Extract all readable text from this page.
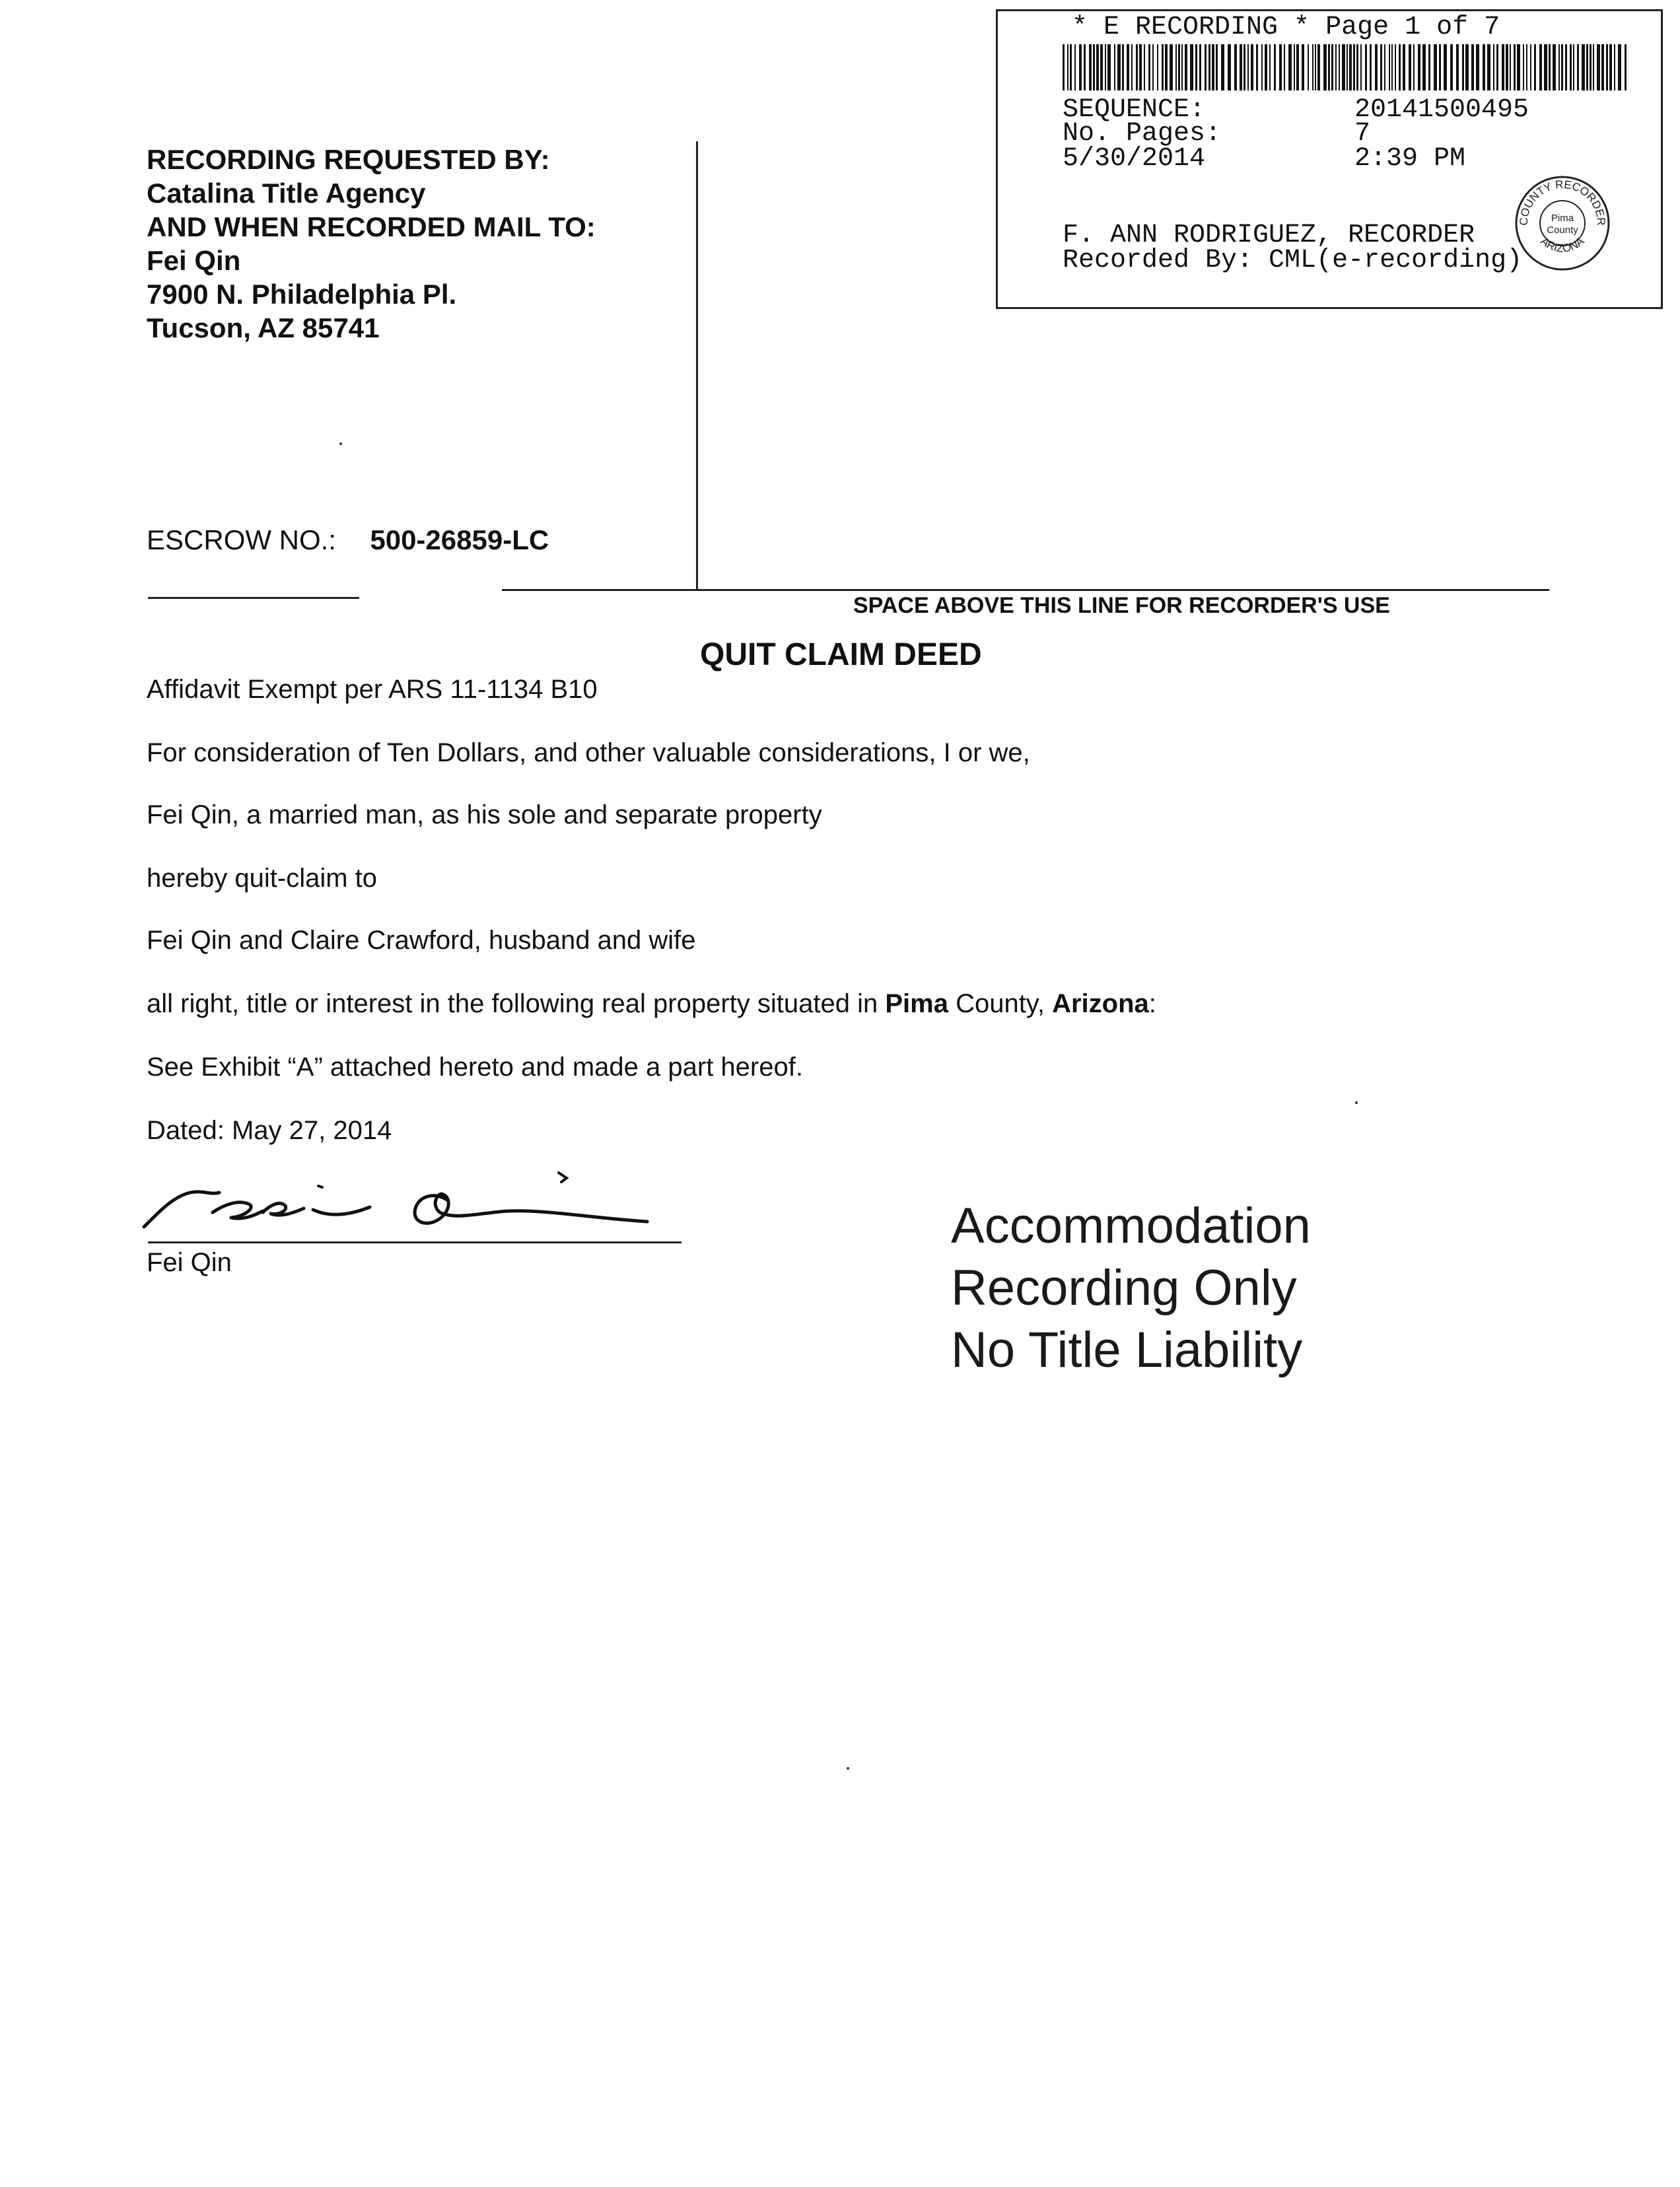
* E RECORDING * Page 1 of 7
SEQUENCE:	20141500495
No. Pages:	7
5/30/2014	2:39 PM
F. ANN RODRIGUEZ, RECORDER
Recorded By: CML(e-recording)
COUNTY RECORDER
ARIZONA
Pima
County
RECORDING REQUESTED BY:
Catalina Title Agency
AND WHEN RECORDED MAIL TO:
Fei Qin
7900 N. Philadelphia Pl.
Tucson, AZ 85741
ESCROW NO.: 500-26859-LC
SPACE ABOVE THIS LINE FOR RECORDER'S USE
QUIT CLAIM DEED
Affidavit Exempt per ARS 11-1134 B10
For consideration of Ten Dollars, and other valuable considerations, I or we,
Fei Qin, a married man, as his sole and separate property
hereby quit-claim to
Fei Qin and Claire Crawford, husband and wife
all right, title or interest in the following real property situated in Pima County, Arizona:
See Exhibit “A” attached hereto and made a part hereof.
Dated: May 27, 2014
Fei Qin
Accommodation
Recording Only
No Title Liability
